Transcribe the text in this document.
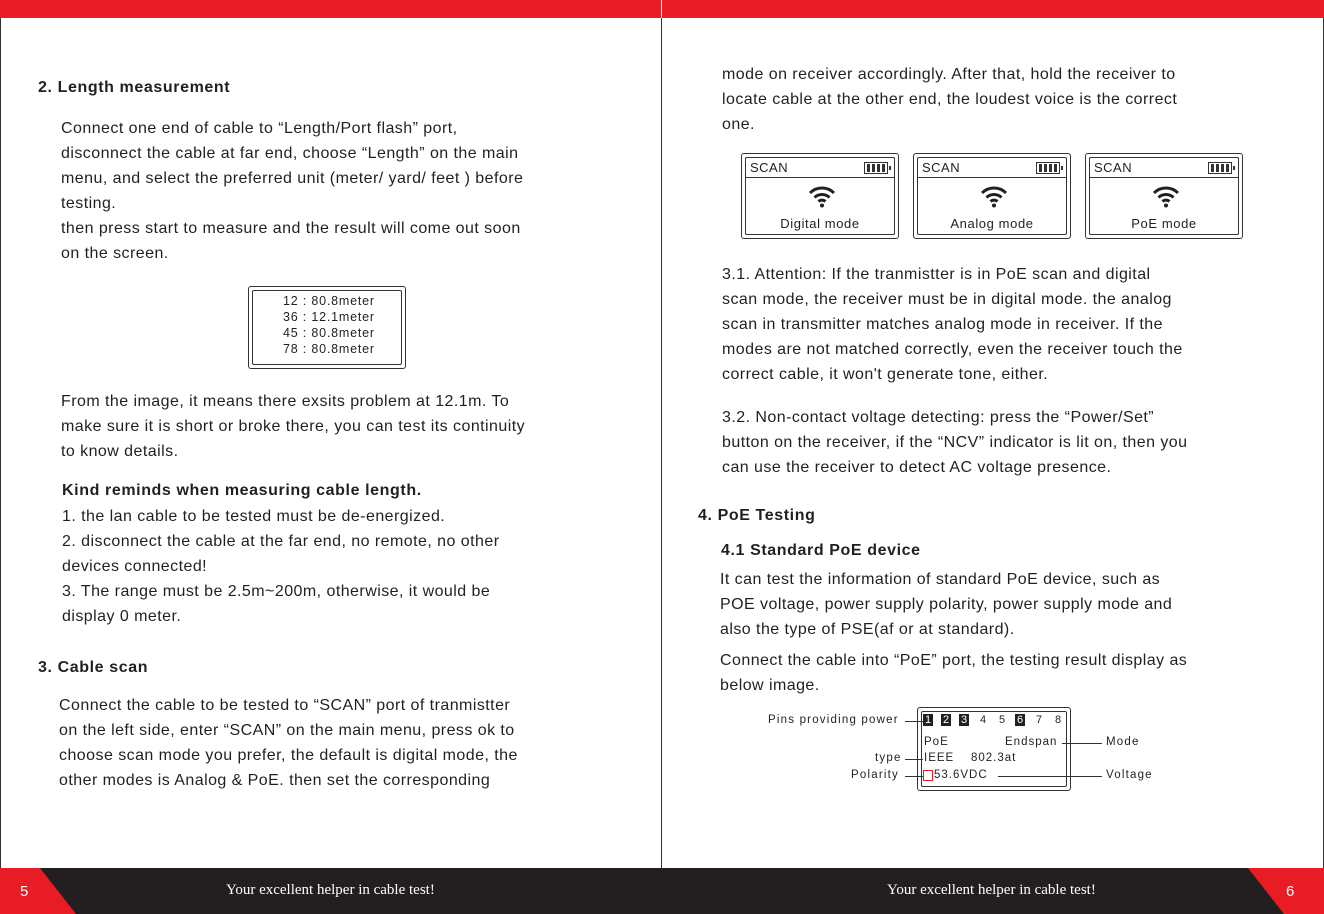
5	6
Your excellent helper in cable test!	Your excellent helper in cable test!
2. Length measurement
Connect one end of cable to “Length/Port flash” port,
disconnect the cable at far end, choose “Length” on the main
menu, and select the preferred unit (meter/ yard/ feet ) before
testing.
then press start to measure and the result will come out soon
on the screen.
12 : 80.8meter
36 : 12.1meter
45 : 80.8meter
78 : 80.8meter
From the image, it means there exsits problem at 12.1m. To
make sure it is short or broke there, you can test its continuity
to know details.
Kind reminds when measuring cable length.
1. the lan cable to be tested must be de-energized.
2. disconnect the cable at the far end, no remote, no other
devices connected!
3. The range must be 2.5m~200m, otherwise, it would be
display 0 meter.
3. Cable scan
Connect the cable to be tested to “SCAN” port of tranmistter
on the left side, enter “SCAN” on the main menu, press ok to
choose scan mode you prefer, the default is digital mode, the
other modes is Analog & PoE. then set the corresponding
mode on receiver accordingly. After that, hold the receiver to
locate cable at the other end, the loudest voice is the correct
one.
SCAN
Digital mode
SCAN
Analog mode
SCAN
PoE mode
3.1. Attention: If the tranmistter is in PoE scan and digital
scan mode, the receiver must be in digital mode. the analog
scan in transmitter matches analog mode in receiver. If the
modes are not matched correctly, even the receiver touch the
correct cable, it won't generate tone, either.
3.2. Non-contact voltage detecting: press the “Power/Set”
button on the receiver, if the “NCV” indicator is lit on, then you
can use the receiver to detect AC voltage presence.
4. PoE Testing
4.1 Standard PoE device
It can test the information of standard PoE device, such as
POE voltage, power supply polarity, power supply mode and
also the type of PSE(af or at standard).
Connect the cable into “PoE” port, the testing result display as
below image.
1 2 3 4 5 6 7 8
PoE	Endspan
IEEE    802.3at
53.6VDC
Pins providing power
type
Polarity
Mode
Voltage
